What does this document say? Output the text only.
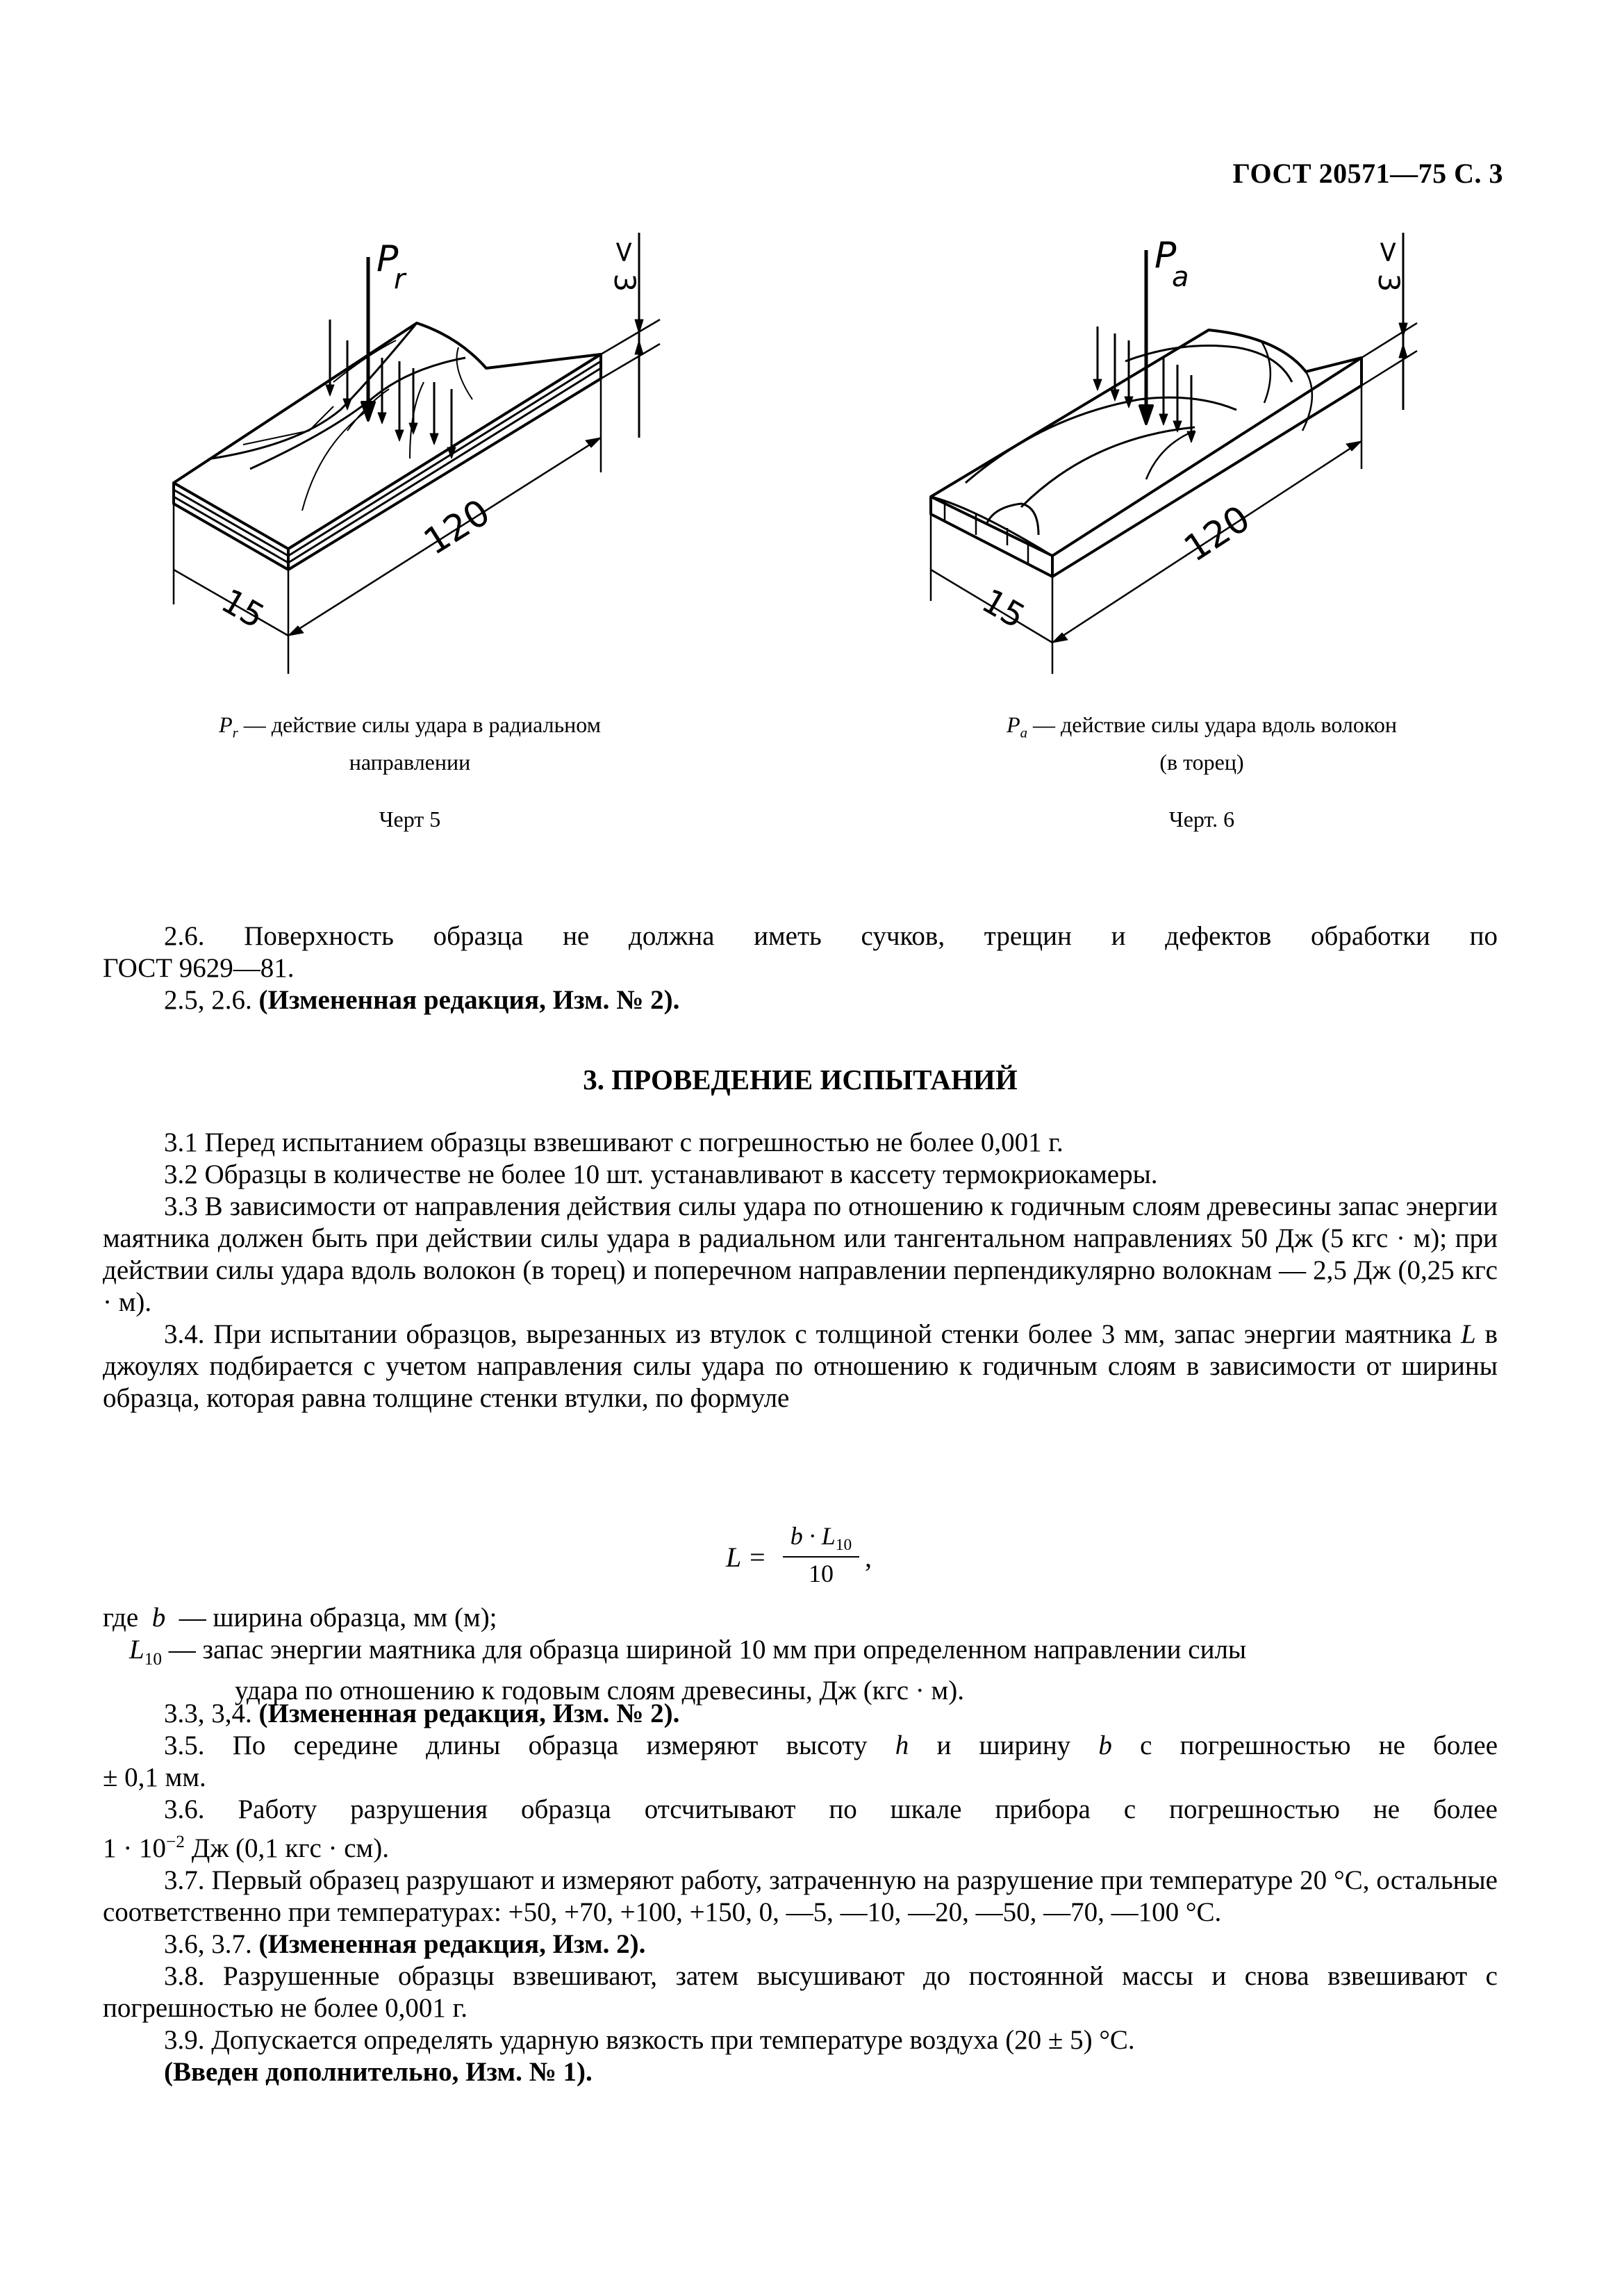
ГОСТ 20571—75 С. 3
P
r	> 3
120
15
P
a	> 3
120
15
$P_r$ — действие силы удара в радиальном
направлении
Черт 5
$P_a$ — действие силы удара вдоль волокон
(в торец)
Черт. 6

2.6. Поверхность образца не должна иметь сучков, трещин и дефектов обработки по

ГОСТ 9629—81.

2.5, 2.6. (Измененная редакция, Изм. № 2).

3. ПРОВЕДЕНИЕ ИСПЫТАНИЙ

3.1 Перед испытанием образцы взвешивают с погрешностью не более 0,001 г.

3.2 Образцы в количестве не более 10 шт. устанавливают в кассету термокриокамеры.

3.3 В зависимости от направления действия силы удара по отношению к годичным слоям древесины запас энергии маятника должен быть при действии силы удара в радиальном или тангентальном направлениях 50 Дж (5 кгс · м); при действии силы удара вдоль волокон (в торец) и поперечном направлении перпендикулярно волокнам — 2,5 Дж (0,25 кгс · м).

3.4. При испытании образцов, вырезанных из втулок с толщиной стенки более 3 мм, запас энергии маятника L в джоулях подбирается с учетом направления силы удара по отношению к годичным слоям в зависимости от ширины образца, которая равна толщине стенки втулки, по формуле

$L = \frac{b \cdot L_{10}}{10}$ ,
где b — ширина образца, мм (м);
$L_{10}$ — запас энергии маятника для образца шириной 10 мм при определенном направлении силы
удара по отношению к годовым слоям древесины, Дж (кгс · м).

3.3, 3,4. (Измененная редакция, Изм. № 2).

3.5. По середине длины образца измеряют высоту h и ширину b с погрешностью не более

± 0,1 мм.

3.6. Работу разрушения образца отсчитывают по шкале прибора с погрешностью не более

$1 \cdot 10^{-2}$ Дж (0,1 кгс · см).

3.7. Первый образец разрушают и измеряют работу, затраченную на разрушение при температуре 20 °С, остальные соответственно при температурах: +50, +70, +100, +150, 0, —5, —10, —20, —50, —70, —100 °С.

3.6, 3.7. (Измененная редакция, Изм. 2).

3.8. Разрушенные образцы взвешивают, затем высушивают до постоянной массы и снова взвешивают с погрешностью не более 0,001 г.

3.9. Допускается определять ударную вязкость при температуре воздуха (20 ± 5) °С.

(Введен дополнительно, Изм. № 1).
